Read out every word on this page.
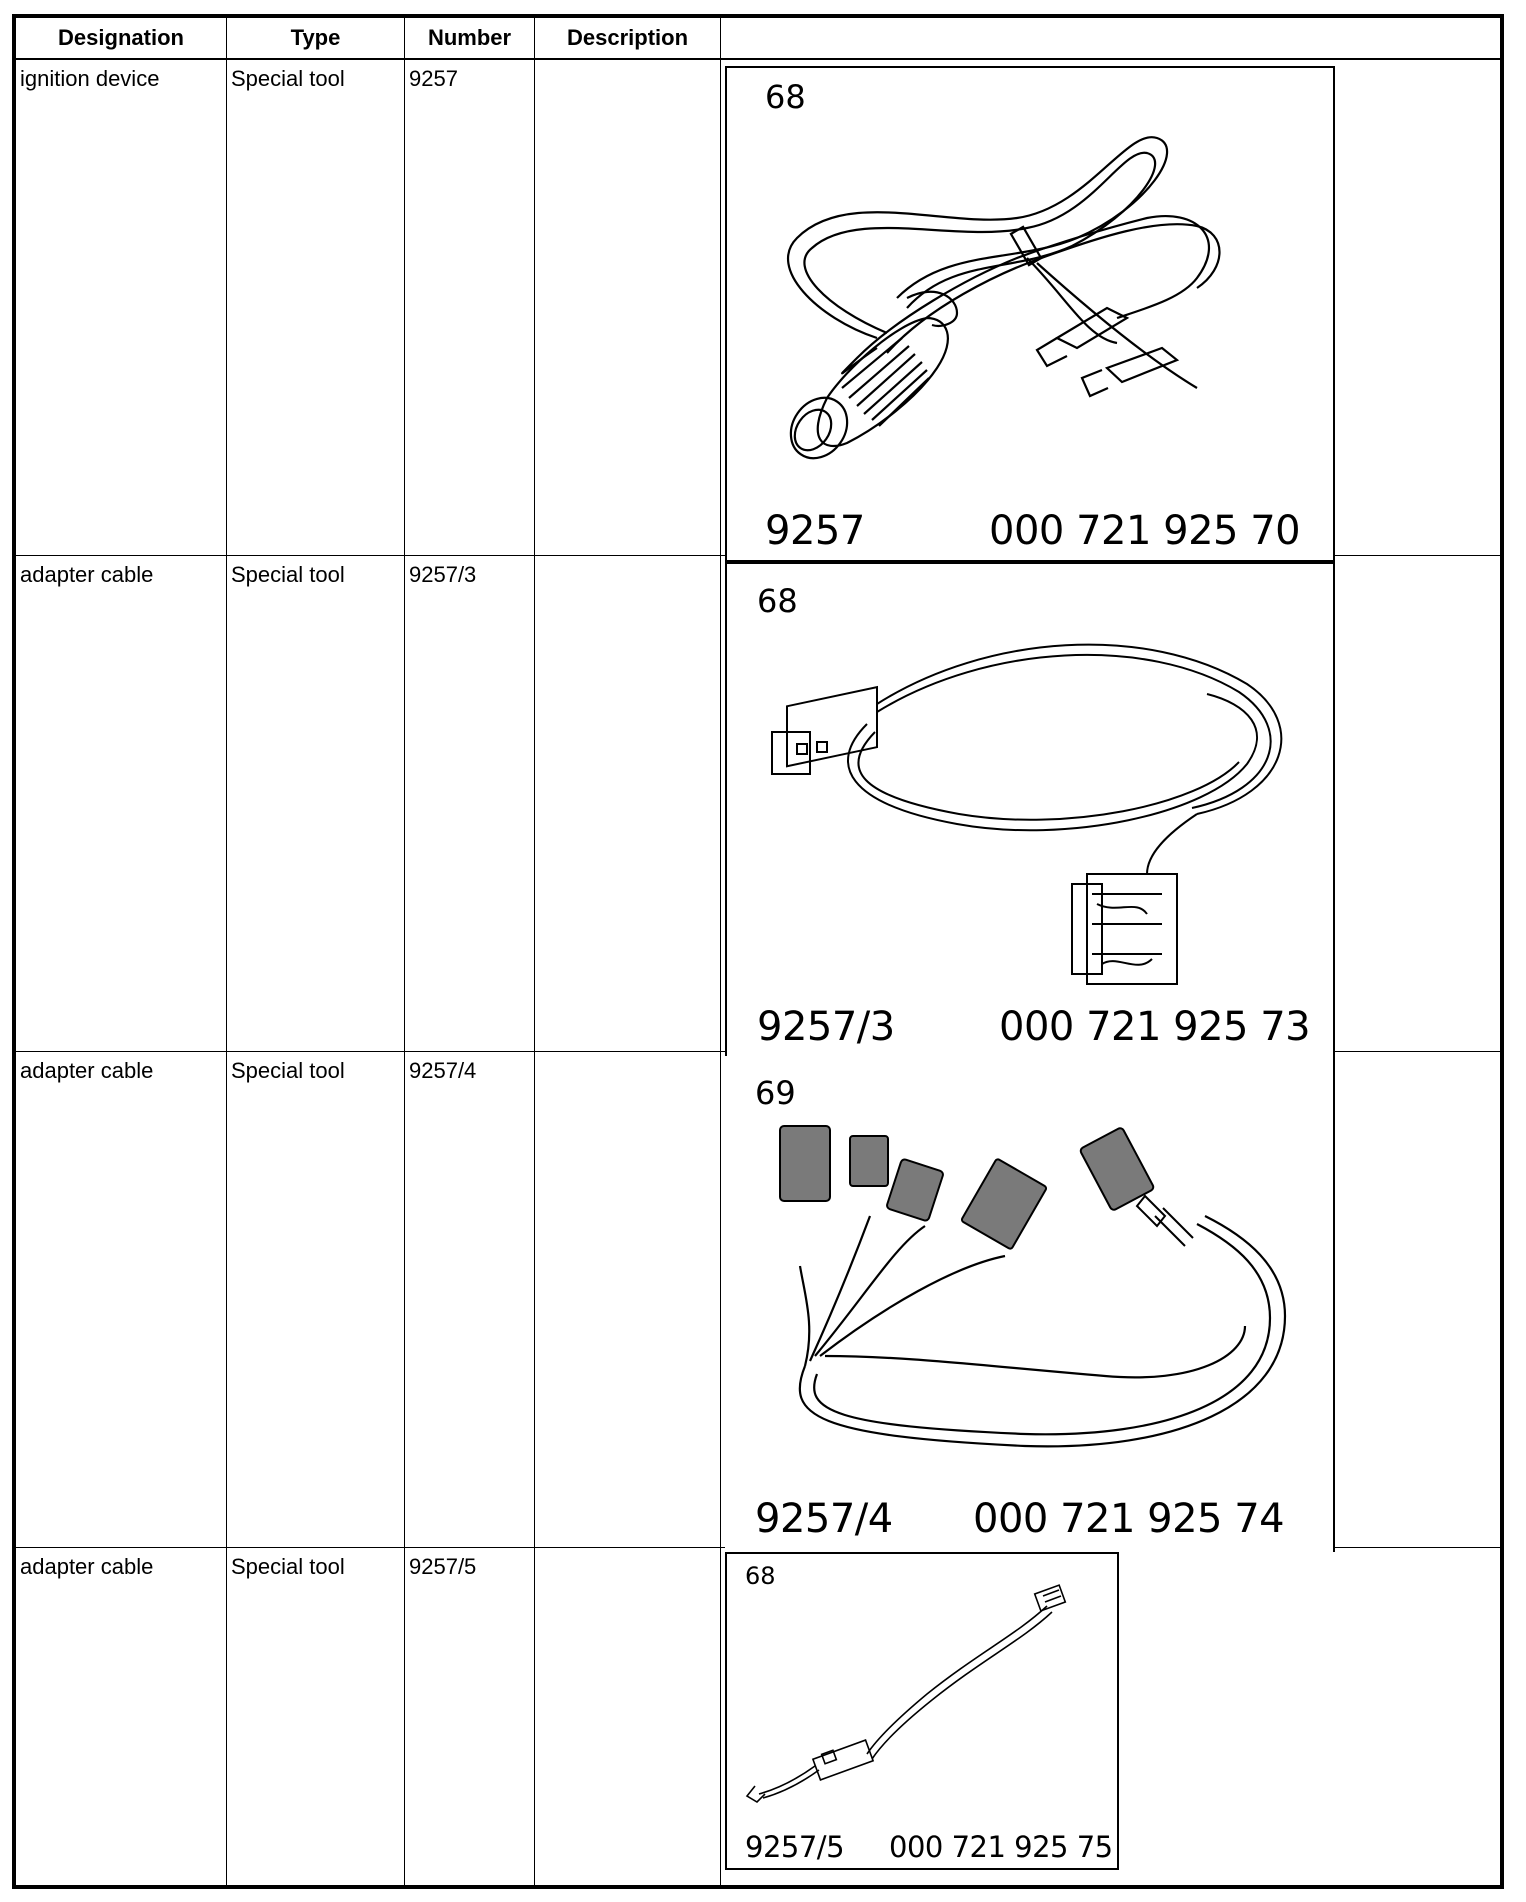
Designation	Type	Number	Description	

ignition device	Special tool	9257		68
9257 000 721 925 70

adapter cable	Special tool	9257/3		68
9257/3 000 721 925 73

adapter cable	Special tool	9257/4		69
9257/4 000 721 925 74

adapter cable	Special tool	9257/5		68
9257/5 000 721 925 75
